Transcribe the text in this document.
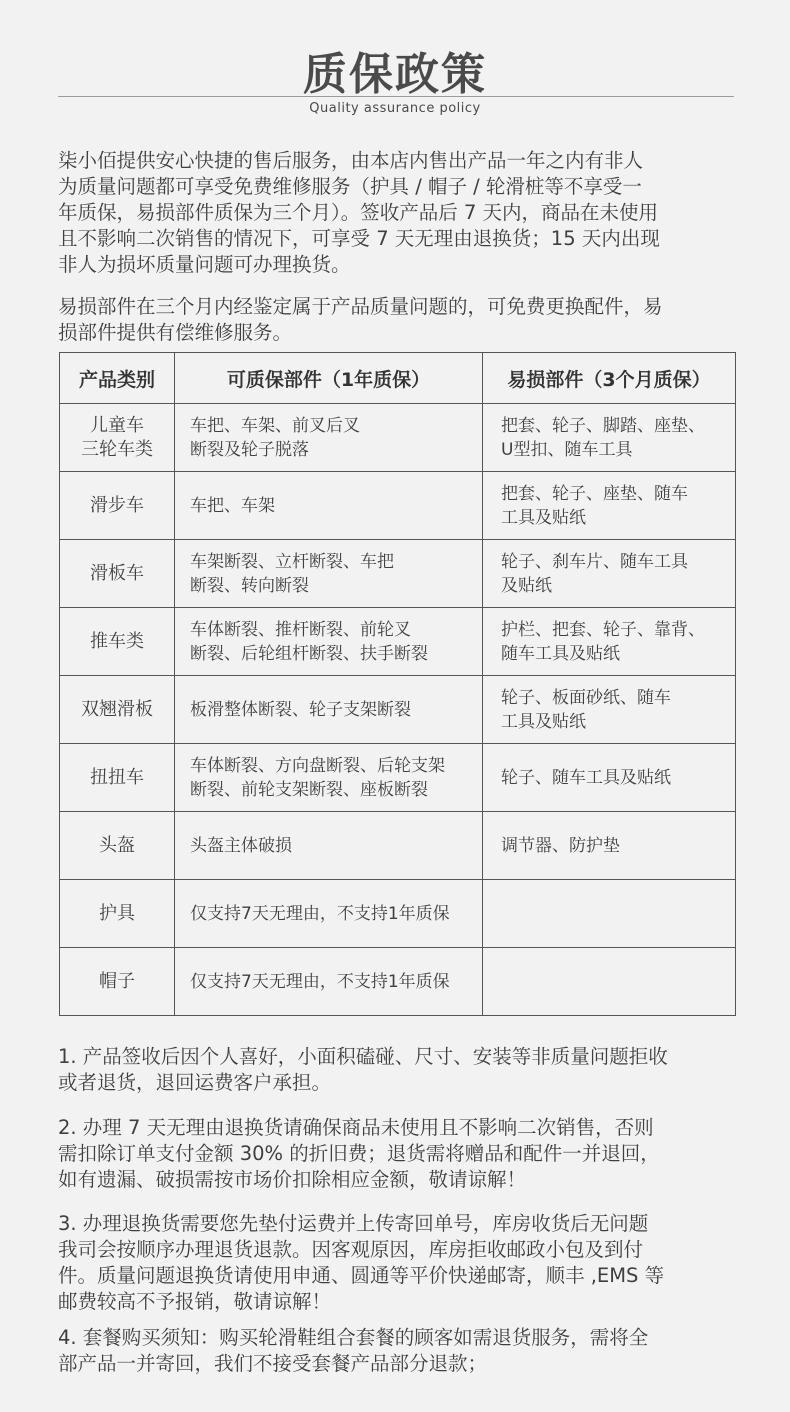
质保政策
Quality assurance policy
柒小佰提供安心快捷的售后服务，由本店内售出产品一年之内有非人
为质量问题都可享受免费维修服务（护具 / 帽子 / 轮滑桩等不享受一
年质保，易损部件质保为三个月）。签收产品后 7 天内，商品在未使用
且不影响二次销售的情况下，可享受 7 天无理由退换货；15 天内出现
非人为损坏质量问题可办理换货。
易损部件在三个月内经鉴定属于产品质量问题的，可免费更换配件，易
损部件提供有偿维修服务。
产品类别	可质保部件（1年质保）	易损部件（3个月质保）

儿童车
三轮车类	车把、车架、前叉后叉
断裂及轮子脱落	把套、轮子、脚踏、座垫、
U型扣、随车工具

滑步车	车把、车架	把套、轮子、座垫、随车
工具及贴纸

滑板车	车架断裂、立杆断裂、车把
断裂、转向断裂	轮子、刹车片、随车工具
及贴纸

推车类	车体断裂、推杆断裂、前轮叉
断裂、后轮组杆断裂、扶手断裂	护栏、把套、轮子、靠背、
随车工具及贴纸

双翘滑板	板滑整体断裂、轮子支架断裂	轮子、板面砂纸、随车
工具及贴纸

扭扭车	车体断裂、方向盘断裂、后轮支架
断裂、前轮支架断裂、座板断裂	轮子、随车工具及贴纸

头盔	头盔主体破损	调节器、防护垫

护具	仅支持7天无理由，不支持1年质保	

帽子	仅支持7天无理由，不支持1年质保	

1. 产品签收后因个人喜好，小面积磕碰、尺寸、安装等非质量问题拒收
或者退货，退回运费客户承担。
2. 办理 7 天无理由退换货请确保商品未使用且不影响二次销售，否则
需扣除订单支付金额 30% 的折旧费；退货需将赠品和配件一并退回，
如有遗漏、破损需按市场价扣除相应金额，敬请谅解！
3. 办理退换货需要您先垫付运费并上传寄回单号，库房收货后无问题
我司会按顺序办理退货退款。因客观原因，库房拒收邮政小包及到付
件。质量问题退换货请使用申通、圆通等平价快递邮寄，顺丰 ,EMS 等
邮费较高不予报销，敬请谅解！
4. 套餐购买须知：购买轮滑鞋组合套餐的顾客如需退货服务，需将全
部产品一并寄回，我们不接受套餐产品部分退款；
